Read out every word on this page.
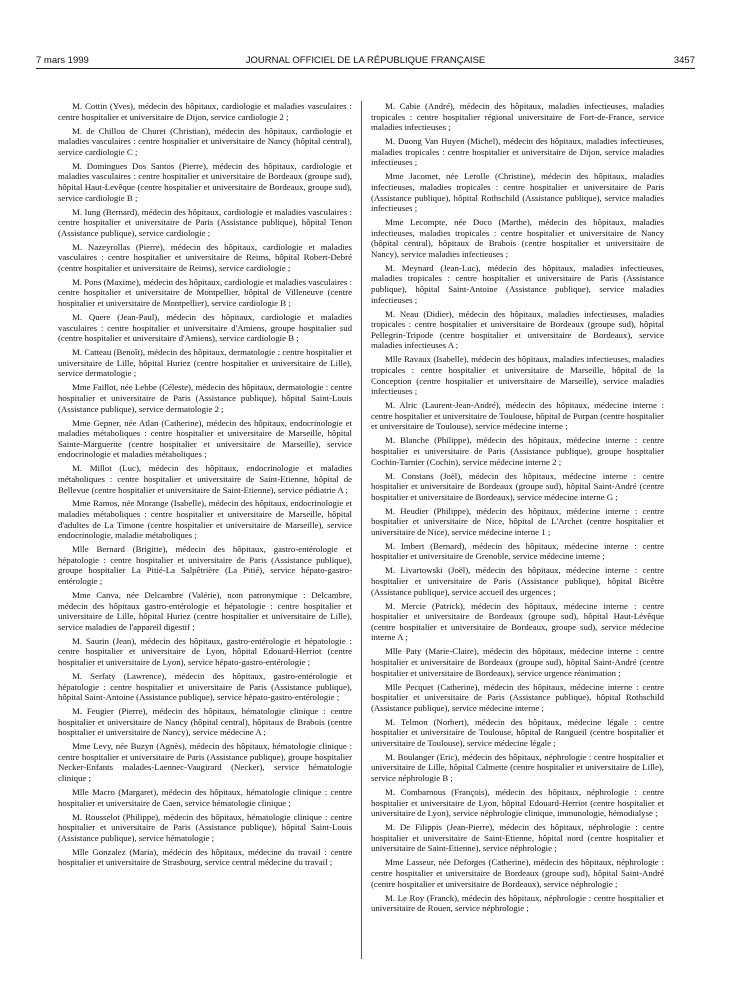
7 mars 1999	JOURNAL OFFICIEL DE LA RÉPUBLIQUE FRANÇAISE	3457

M. Cottin (Yves), médecin des hôpitaux, cardiologie et maladies vasculaires : centre hospitalier et universitaire de Dijon, service cardiologie 2 ;

M. de Chillou de Churet (Christian), médecin des hôpitaux, cardiologie et maladies vasculaires : centre hospitalier et universitaire de Nancy (hôpital central), service cardiologie C ;

M. Domingues Dos Santos (Pierre), médecin des hôpitaux, cardiologie et maladies vasculaires : centre hospitalier et universitaire de Bordeaux (groupe sud), hôpital Haut-Levêque (centre hospitalier et universitaire de Bordeaux, groupe sud), service cardiologie B ;

M. Iung (Bernard), médecin des hôpitaux, cardiologie et maladies vasculaires : centre hospitalier et universitaire de Paris (Assistance publique), hôpital Tenon (Assistance publique), service cardiologie ;

M. Nazeyrollas (Pierre), médecin des hôpitaux, cardiologie et maladies vasculaires : centre hospitalier et universitaire de Reims, hôpital Robert-Debré (centre hospitalier et universitaire de Reims), service cardiologie ;

M. Pons (Maxime), médecin des hôpitaux, cardiologie et maladies vasculaires : centre hospitalier et universitaire de Montpellier, hôpital de Villeneuve (centre hospitalier et universitaire de Montpellier), service cardiologie B ;

M. Quere (Jean-Paul), médecin des hôpitaux, cardiologie et maladies vasculaires : centre hospitalier et universitaire d'Amiens, groupe hospitalier sud (centre hospitalier et universitaire d'Amiens), service cardiologie B ;

M. Catteau (Benoît), médecin des hôpitaux, dermatologie : centre hospitalier et universitaire de Lille, hôpital Huriez (centre hospitalier et universitaire de Lille), service dermatologie ;

Mme Faillot, née Lebbe (Céleste), médecin des hôpitaux, dermatologie : centre hospitalier et universitaire de Paris (Assistance publique), hôpital Saint-Louis (Assistance publique), service dermatologie 2 ;

Mme Gepner, née Atlan (Catherine), médecin des hôpitaux, endocrinologie et maladies métaboliques : centre hospitalier et universitaire de Marseille, hôpital Sainte-Marguerite (centre hospitalier et universitaire de Marseille), service endocrinologie et maladies métaboliques ;

M. Millot (Luc), médecin des hôpitaux, endocrinologie et maladies métaboliques : centre hospitalier et universitaire de Saint-Etienne, hôpital de Bellevue (centre hospitalier et universitaire de Saint-Etienne), service pédiatrie A ;

Mme Ramos, née Morange (Isabelle), médecin des hôpitaux, endocrinologie et maladies métaboliques : centre hospitalier et universitaire de Marseille, hôpital d'adultes de La Timone (centre hospitalier et universitaire de Marseille), service endocrinologie, maladie métaboliques ;

Mlle Bernard (Brigitte), médecin des hôpitaux, gastro-entérologie et hépatologie : centre hospitalier et universitaire de Paris (Assistance publique), groupe hospitalier La Pitié-La Salpêtrière (La Pitié), service hépato-gastro-entérologie ;

Mme Canva, née Delcambre (Valérie), nom patronymique : Delcambre, médecin des hôpitaux gastro-entérologie et hépatologie : centre hospitalier et universitaire de Lille, hôpital Huriez (centre hospitalier et universitaire de Lille), service maladies de l'appareil digestif ;

M. Saurin (Jean), médecin des hôpitaux, gastro-entérologie et hépatologie : centre hospitalier et universitaire de Lyon, hôpital Edouard-Herriot (centre hospitalier et universitaire de Lyon), service hépato-gastro-entérologie ;

M. Serfaty (Lawrence), médecin des hôpitaux, gastro-entérologie et hépatologie : centre hospitalier et universitaire de Paris (Assistance publique), hôpital Saint-Antoine (Assistance publique), service hépato-gastro-entérologie ;

M. Feugier (Pierre), médecin des hôpitaux, hématologie clinique : centre hospitalier et universitaire de Nancy (hôpital central), hôpitaux de Brabois (centre hospitalier et universitaire de Nancy), service médecine A ;

Mme Levy, née Buzyn (Agnès), médecin des hôpitaux, hématologie clinique : centre hospitalier et universitaire de Paris (Assistance publique), groupe hospitalier Necker-Enfants malades-Laennec-Vaugirard (Necker), service hématologie clinique ;

Mlle Macro (Margaret), médecin des hôpitaux, hématologie clinique : centre hospitalier et universitaire de Caen, service hématologie clinique ;

M. Rousselot (Philippe), médecin des hôpitaux, hématologie clinique : centre hospitalier et universitaire de Paris (Assistance publique), hôpital Saint-Louis (Assistance publique), service hématologie ;

Mlle Gonzalez (Maria), médecin des hôpitaux, médecine du travail : centre hospitalier et universitaire de Strasbourg, service central médecine du travail ;

M. Cabie (André), médecin des hôpitaux, maladies infectieuses, maladies tropicales : centre hospitalier régional universitaire de Fort-de-France, service maladies infectieuses ;

M. Duong Van Huyen (Michel), médecin des hôpitaux, maladies infectieuses, maladies tropicales : centre hospitalier et universitaire de Dijon, service maladies infectieuses ;

Mme Jacomet, née Lerolle (Christine), médecin des hôpitaux, maladies infectieuses, maladies tropicales : centre hospitalier et universitaire de Paris (Assistance publique), hôpital Rothschild (Assistance publique), service maladies infectieuses ;

Mme Lecompte, née Doco (Marthe), médecin des hôpitaux, maladies infectieuses, maladies tropicales : centre hospitalier et universitaire de Nancy (hôpital central), hôpitaux de Brabois (centre hospitalier et universitaire de Nancy), service maladies infectieuses ;

M. Meynard (Jean-Luc), médecin des hôpitaux, maladies infectieuses, maladies tropicales : centre hospitalier et universitaire de Paris (Assistance publique), hôpital Saint-Antoine (Assistance publique), service maladies infectieuses ;

M. Neau (Didier), médecin des hôpitaux, maladies infectieuses, maladies tropicales : centre hospitalier et universitaire de Bordeaux (groupe sud), hôpital Pellegrin-Tripode (centre hospitalier et universitaire de Bordeaux), service maladies infectieuses A ;

Mlle Ravaux (Isabelle), médecin des hôpitaux, maladies infectieuses, maladies tropicales : centre hospitalier et universitaire de Marseille, hôpital de la Conception (centre hospitalier et universitaire de Marseille), service maladies infectieuses ;

M. Alric (Laurent-Jean-André), médecin des hôpitaux, médecine interne : centre hospitalier et universitaire de Toulouse, hôpital de Purpan (centre hospitalier et universitaire de Toulouse), service médecine interne ;

M. Blanche (Philippe), médecin des hôpitaux, médecine interne : centre hospitalier et universitaire de Paris (Assistance publique), groupe hospitalier Cochin-Tarnier (Cochin), service médecine interne 2 ;

M. Constans (Joël), médecin des hôpitaux, médecine interne : centre hospitalier et universitaire de Bordeaux (groupe sud), hôpital Saint-André (centre hospitalier et universitaire de Bordeaux), service médecine interne G ;

M. Heudier (Philippe), médecin des hôpitaux, médecine interne : centre hospitalier et universitaire de Nice, hôpital de L'Archet (centre hospitalier et universitaire de Nice), service médecine interne 1 ;

M. Imbert (Bernard), médecin des hôpitaux, médecine interne : centre hospitalier et universitaire de Grenoble, service médecine interne ;

M. Livartowski (Joël), médecin des hôpitaux, médecine interne : centre hospitalier et universitaire de Paris (Assistance publique), hôpital Bicêtre (Assistance publique), service accueil des urgences ;

M. Mercie (Patrick), médecin des hôpitaux, médecine interne : centre hospitalier et universitaire de Bordeaux (groupe sud), hôpital Haut-Lévêque (centre hospitalier et universitaire de Bordeaux, groupe sud), service médecine interne A ;

Mlle Paty (Marie-Claire), médecin des hôpitaux, médecine interne : centre hospitalier et universitaire de Bordeaux (groupe sud), hôpital Saint-André (centre hospitalier et universitaire de Bordeaux), service urgence réanimation ;

Mlle Pecquet (Catherine), médecin des hôpitaux, médecine interne : centre hospitalier et universitaire de Paris (Assistance publique), hôpital Rothschild (Assistance publique), service médecine interne ;

M. Telmon (Norbert), médecin des hôpitaux, médecine légale : centre hospitalier et universitaire de Toulouse, hôpital de Rangueil (centre hospitalier et universitaire de Toulouse), service médecine légale ;

M. Boulanger (Eric), médecin des hôpitaux, néphrologie : centre hospitalier et universitaire de Lille, hôpital Calmette (centre hospitalier et universitaire de Lille), service néphrologie B ;

M. Combarnous (François), médecin des hôpitaux, néphrologie : centre hospitalier et universitaire de Lyon, hôpital Edouard-Herriot (centre hospitalier et universitaire de Lyon), service néphrologie clinique, immunologie, hémodialyse ;

M. De Filippis (Jean-Pierre), médecin des hôpitaux, néphrologie : centre hospitalier et universitaire de Saint-Etienne, hôpital nord (centre hospitalier et universitaire de Saint-Etienne), service néphrologie ;

Mme Lasseur, née Deforges (Catherine), médecin des hôpitaux, néphrologie : centre hospitalier et universitaire de Bordeaux (groupe sud), hôpital Saint-André (centre hospitalier et universitaire de Bordeaux), service néphrologie ;

M. Le Roy (Franck), médecin des hôpitaux, néphrologie : centre hospitalier et universitaire de Rouen, service néphrologie ;
